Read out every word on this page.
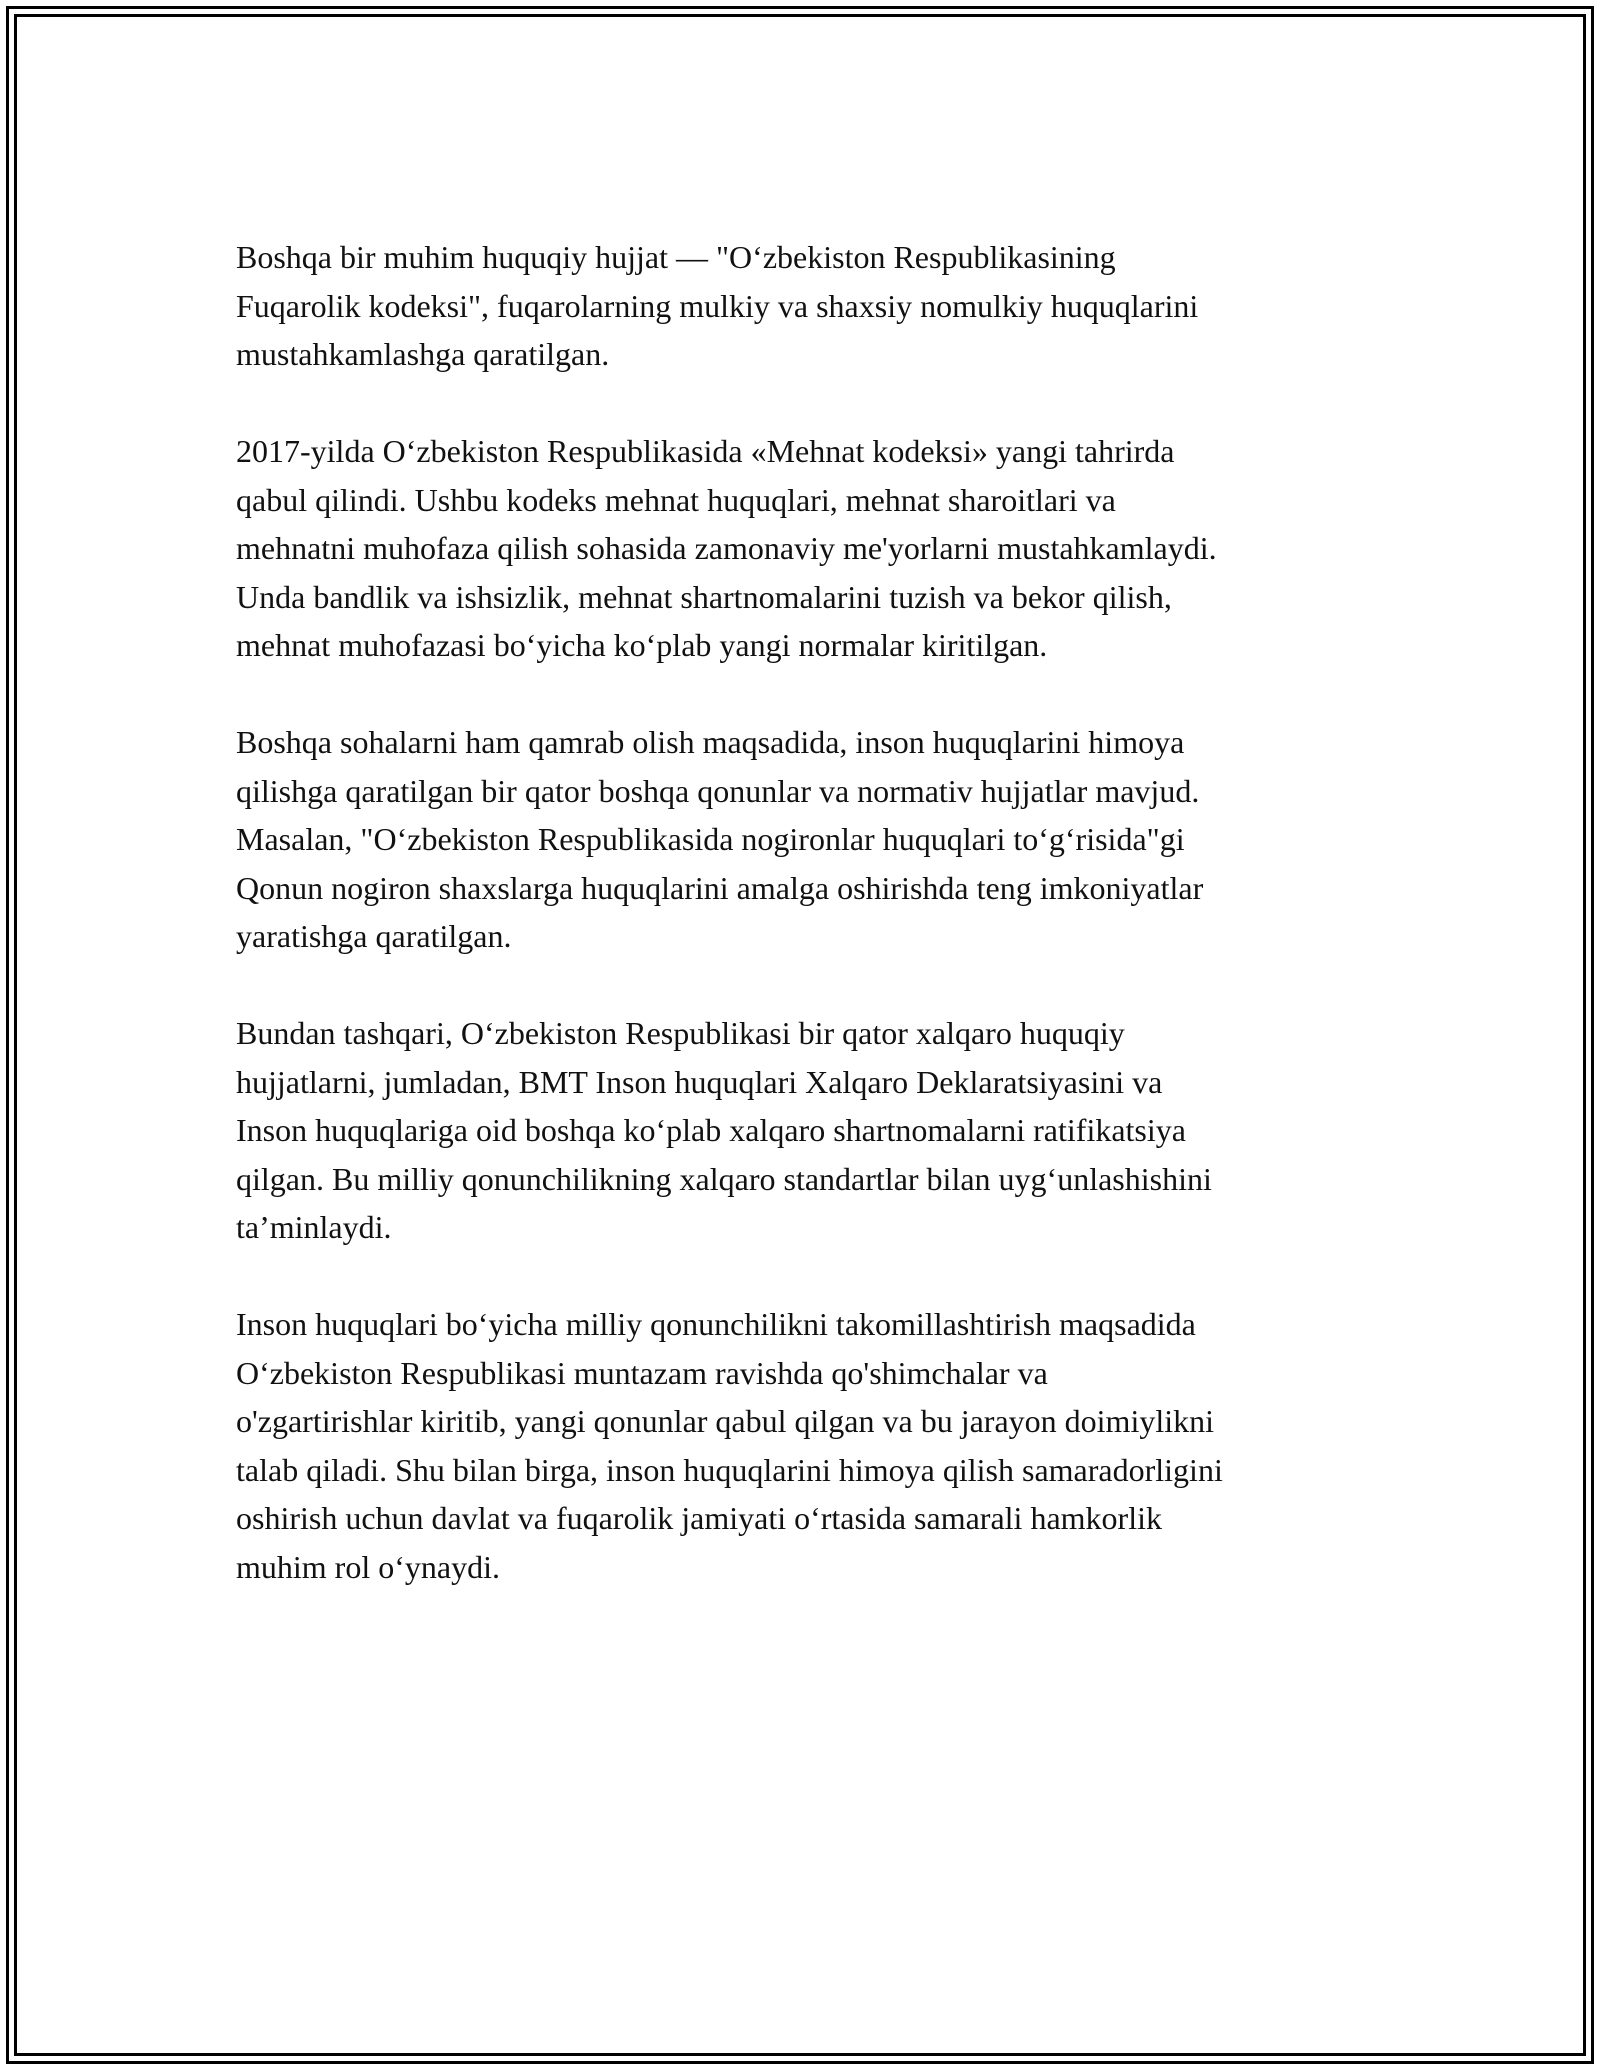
Boshqa bir muhim huquqiy hujjat — "O‘zbekiston Respublikasining
Fuqarolik kodeksi", fuqarolarning mulkiy va shaxsiy nomulkiy huquqlarini
mustahkamlashga qaratilgan.

2017-yilda O‘zbekiston Respublikasida «Mehnat kodeksi» yangi tahrirda
qabul qilindi. Ushbu kodeks mehnat huquqlari, mehnat sharoitlari va
mehnatni muhofaza qilish sohasida zamonaviy me'yorlarni mustahkamlaydi.
Unda bandlik va ishsizlik, mehnat shartnomalarini tuzish va bekor qilish,
mehnat muhofazasi bo‘yicha ko‘plab yangi normalar kiritilgan.

Boshqa sohalarni ham qamrab olish maqsadida, inson huquqlarini himoya
qilishga qaratilgan bir qator boshqa qonunlar va normativ hujjatlar mavjud.
Masalan, "O‘zbekiston Respublikasida nogironlar huquqlari to‘g‘risida"gi
Qonun nogiron shaxslarga huquqlarini amalga oshirishda teng imkoniyatlar
yaratishga qaratilgan.

Bundan tashqari, O‘zbekiston Respublikasi bir qator xalqaro huquqiy
hujjatlarni, jumladan, BMT Inson huquqlari Xalqaro Deklaratsiyasini va
Inson huquqlariga oid boshqa ko‘plab xalqaro shartnomalarni ratifikatsiya
qilgan. Bu milliy qonunchilikning xalqaro standartlar bilan uyg‘unlashishini
ta’minlaydi.

Inson huquqlari bo‘yicha milliy qonunchilikni takomillashtirish maqsadida
O‘zbekiston Respublikasi muntazam ravishda qo'shimchalar va
o'zgartirishlar kiritib, yangi qonunlar qabul qilgan va bu jarayon doimiylikni
talab qiladi. Shu bilan birga, inson huquqlarini himoya qilish samaradorligini
oshirish uchun davlat va fuqarolik jamiyati o‘rtasida samarali hamkorlik
muhim rol o‘ynaydi.
